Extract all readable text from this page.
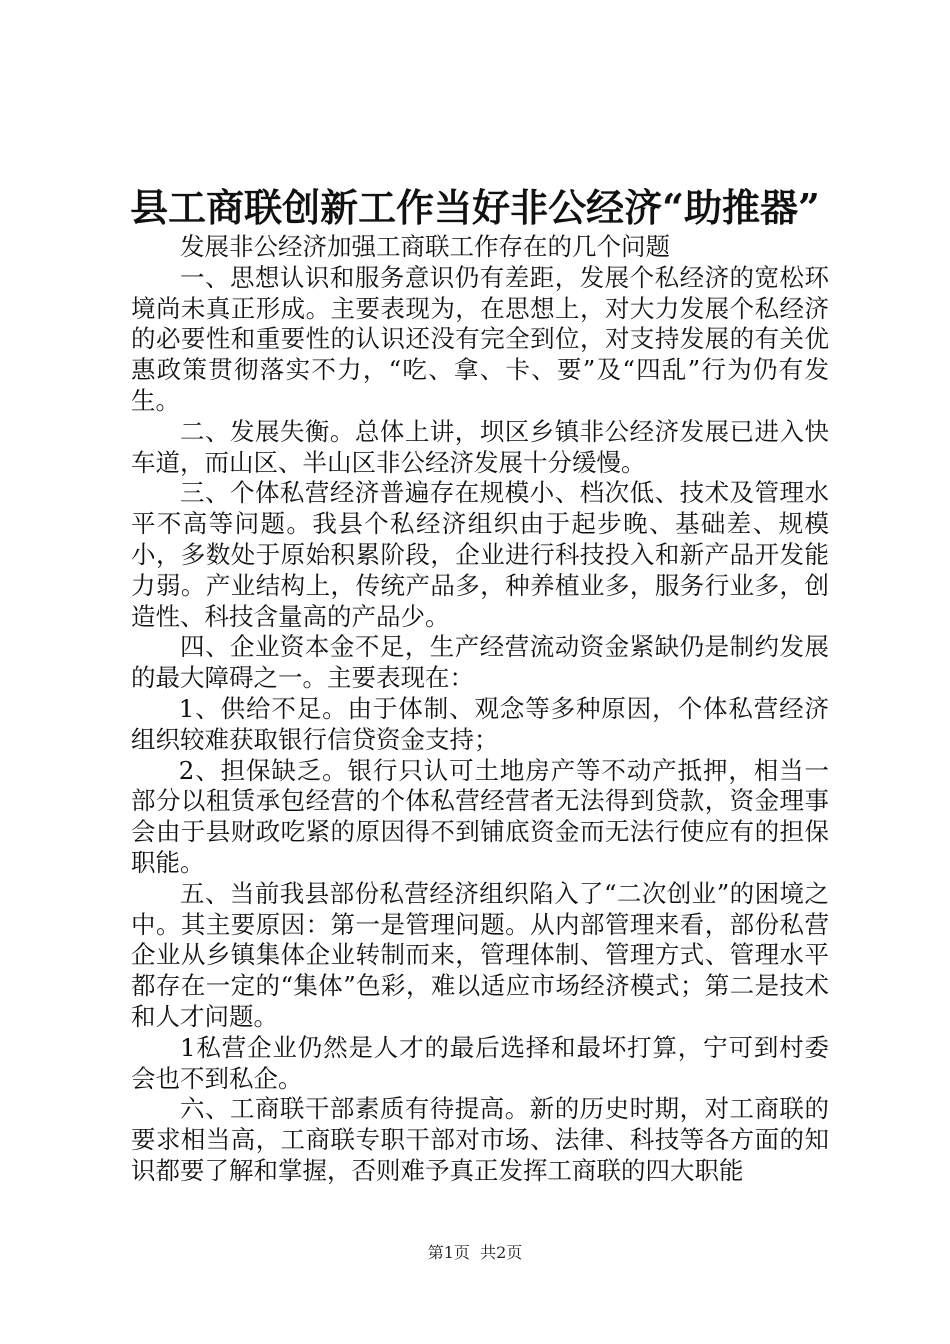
县工商联创新工作当好非公经济“助推器”

发展非公经济加强工商联工作存在的几个问题

一、思想认识和服务意识仍有差距，发展个私经济的宽松环境尚未真正形成。主要表现为，在思想上，对大力发展个私经济的必要性和重要性的认识还没有完全到位，对支持发展的有关优惠政策贯彻落实不力，“吃、拿、卡、要”及“四乱”行为仍有发生。

二、发展失衡。总体上讲，坝区乡镇非公经济发展已进入快车道，而山区、半山区非公经济发展十分缓慢。

三、个体私营经济普遍存在规模小、档次低、技术及管理水平不高等问题。我县个私经济组织由于起步晚、基础差、规模小，多数处于原始积累阶段，企业进行科技投入和新产品开发能力弱。产业结构上，传统产品多，种养植业多，服务行业多，创造性、科技含量高的产品少。

四、企业资本金不足，生产经营流动资金紧缺仍是制约发展的最大障碍之一。主要表现在：

1、供给不足。由于体制、观念等多种原因，个体私营经济组织较难获取银行信贷资金支持；

2、担保缺乏。银行只认可土地房产等不动产抵押，相当一部分以租赁承包经营的个体私营经营者无法得到贷款，资金理事会由于县财政吃紧的原因得不到铺底资金而无法行使应有的担保职能。

五、当前我县部份私营经济组织陷入了“二次创业”的困境之中。其主要原因：第一是管理问题。从内部管理来看，部份私营企业从乡镇集体企业转制而来，管理体制、管理方式、管理水平都存在一定的“集体”色彩，难以适应市场经济模式；第二是技术和人才问题。

1私营企业仍然是人才的最后选择和最坏打算，宁可到村委会也不到私企。

六、工商联干部素质有待提高。新的历史时期，对工商联的要求相当高，工商联专职干部对市场、法律、科技等各方面的知识都要了解和掌握，否则难予真正发挥工商联的四大职能

第1页 共2页
